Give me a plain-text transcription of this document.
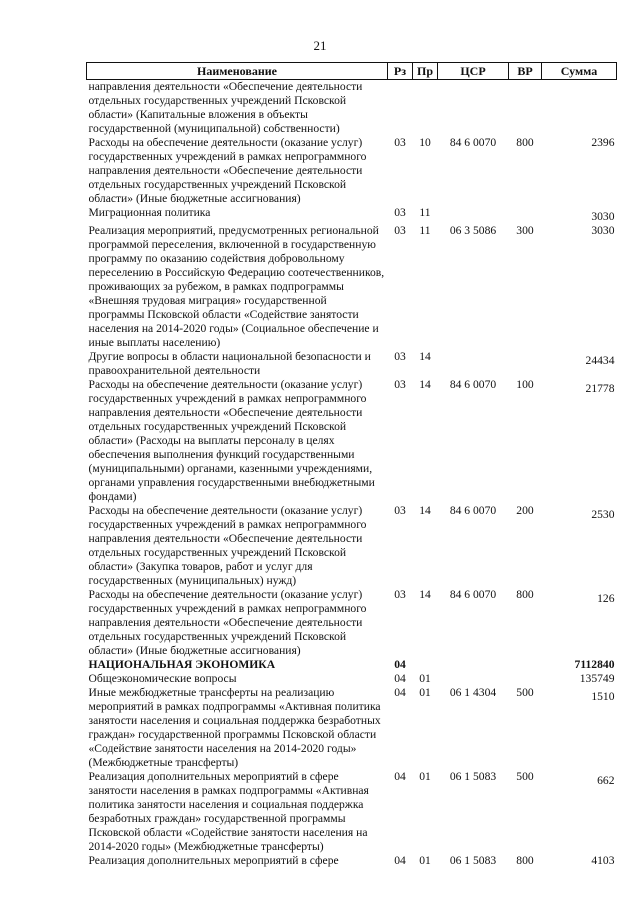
21
Наименование	Рз	Пр	ЦСР	ВР	Сумма
направления деятельности «Обеспечение деятельности отдельных государственных учреждений Псковской области» (Капитальные вложения в объекты государственной (муниципальной) собственности)					
Расходы на обеспечение деятельности (оказание услуг) государственных учреждений в рамках непрограммного направления деятельности «Обеспечение деятельности отдельных государственных учреждений Псковской области» (Иные бюджетные ассигнования)	03	10	84 6 0070	800	2396
Миграционная политика	03	11			3030

Реализация мероприятий, предусмотренных региональной программой переселения, включенной в государственную программу по оказанию содействия добровольному переселению в Российскую Федерацию соотечественников, проживающих за рубежом, в рамках подпрограммы «Внешняя трудовая миграция» государственной программы Псковской области «Содействие занятости населения на 2014-2020 годы» (Социальное обеспечение и иные выплаты населению)	03	11	06 3 5086	300	3030
Другие вопросы в области национальной безопасности и правоохранительной деятельности	03	14			24434

Расходы на обеспечение деятельности (оказание услуг) государственных учреждений в рамках непрограммного направления деятельности «Обеспечение деятельности отдельных государственных учреждений Псковской области» (Расходы на выплаты персоналу в целях обеспечения выполнения функций государственными (муниципальными) органами, казенными учреждениями, органами управления государственными внебюджетными фондами)	03	14	84 6 0070	100	21778

Расходы на обеспечение деятельности (оказание услуг) государственных учреждений в рамках непрограммного направления деятельности «Обеспечение деятельности отдельных государственных учреждений Псковской области» (Закупка товаров, работ и услуг для государственных (муниципальных) нужд)	03	14	84 6 0070	200	2530

Расходы на обеспечение деятельности (оказание услуг) государственных учреждений в рамках непрограммного направления деятельности «Обеспечение деятельности отдельных государственных учреждений Псковской области» (Иные бюджетные ассигнования)	03	14	84 6 0070	800	126

НАЦИОНАЛЬНАЯ ЭКОНОМИКА	04				7112840
Общеэкономические вопросы	04	01			135749
Иные межбюджетные трансферты на реализацию мероприятий в рамках подпрограммы «Активная политика занятости населения и социальная поддержка безработных граждан» государственной программы Псковской области «Содействие занятости населения на 2014-2020 годы» (Межбюджетные трансферты)	04	01	06 1 4304	500	1510

Реализация дополнительных мероприятий в сфере занятости населения в рамках подпрограммы «Активная политика занятости населения и социальная поддержка безработных граждан» государственной программы Псковской области «Содействие занятости населения на 2014-2020 годы» (Межбюджетные трансферты)	04	01	06 1 5083	500	662

Реализация дополнительных мероприятий в сфере	04	01	06 1 5083	800	4103
